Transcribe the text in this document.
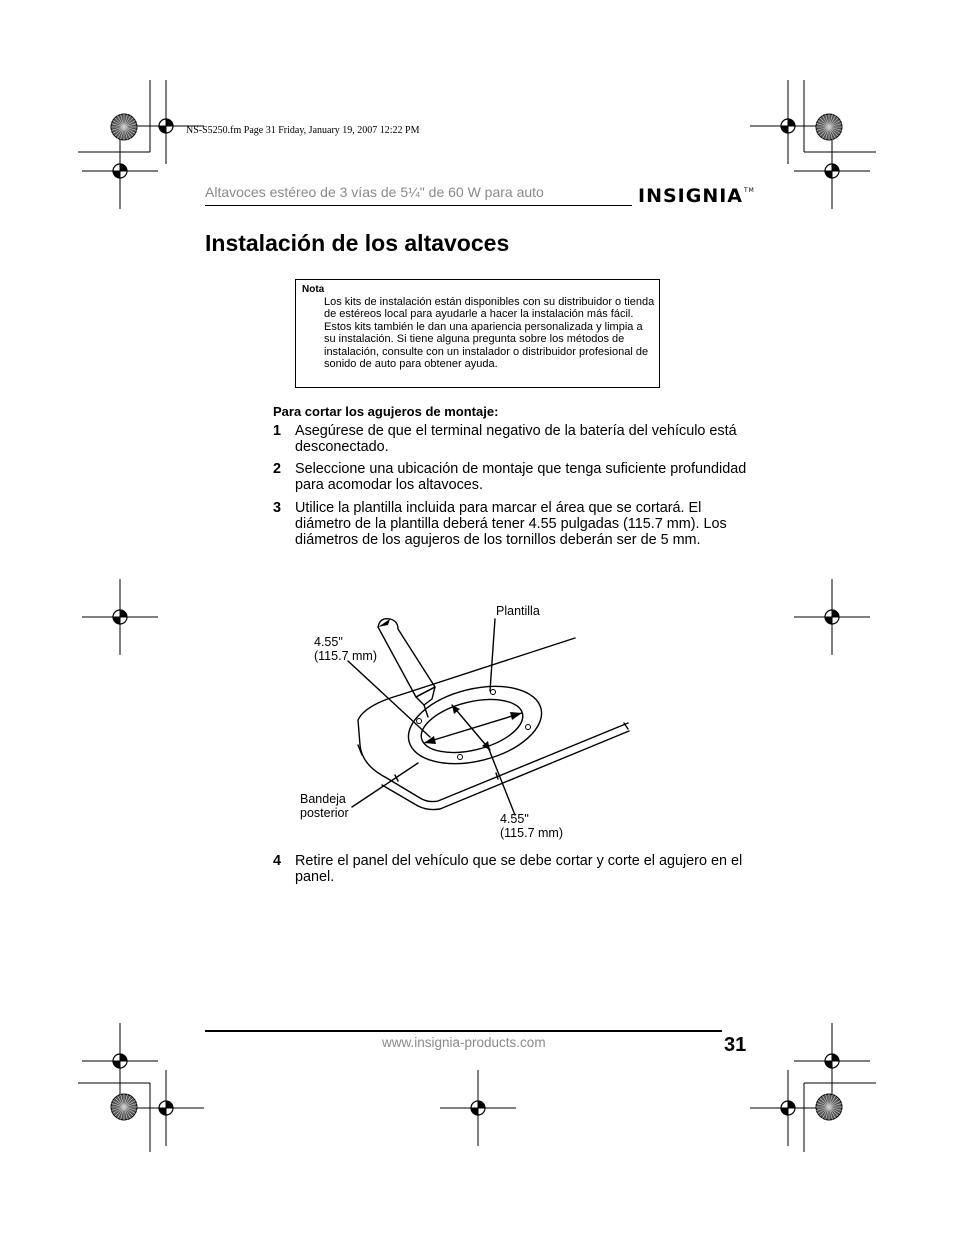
NS-S5250.fm Page 31 Friday, January 19, 2007 12:22 PM
Altavoces estéreo de 3 vías de 5¼" de 60 W para auto	INSIGNIA™
Instalación de los altavoces
Nota
Los kits de instalación están disponibles con su distribuidor o tienda de estéreos local para ayudarle a hacer la instalación más fácil. Estos kits también le dan una apariencia personalizada y limpia a su instalación. Si tiene alguna pregunta sobre los métodos de instalación, consulte con un instalador o distribuidor profesional de sonido de auto para obtener ayuda.
Para cortar los agujeros de montaje:
1 Asegúrese de que el terminal negativo de la batería del vehículo está desconectado.
2 Seleccione una ubicación de montaje que tenga suficiente profundidad para acomodar los altavoces.
3 Utilice la plantilla incluida para marcar el área que se cortará. El diámetro de la plantilla deberá tener 4.55 pulgadas (115.7 mm). Los diámetros de los agujeros de los tornillos deberán ser de 5 mm.
Plantilla
4.55"
(115.7 mm)
Bandeja
posterior	4.55"
(115.7 mm)
4 Retire el panel del vehículo que se debe cortar y corte el agujero en el panel.
www.insignia-products.com	31
